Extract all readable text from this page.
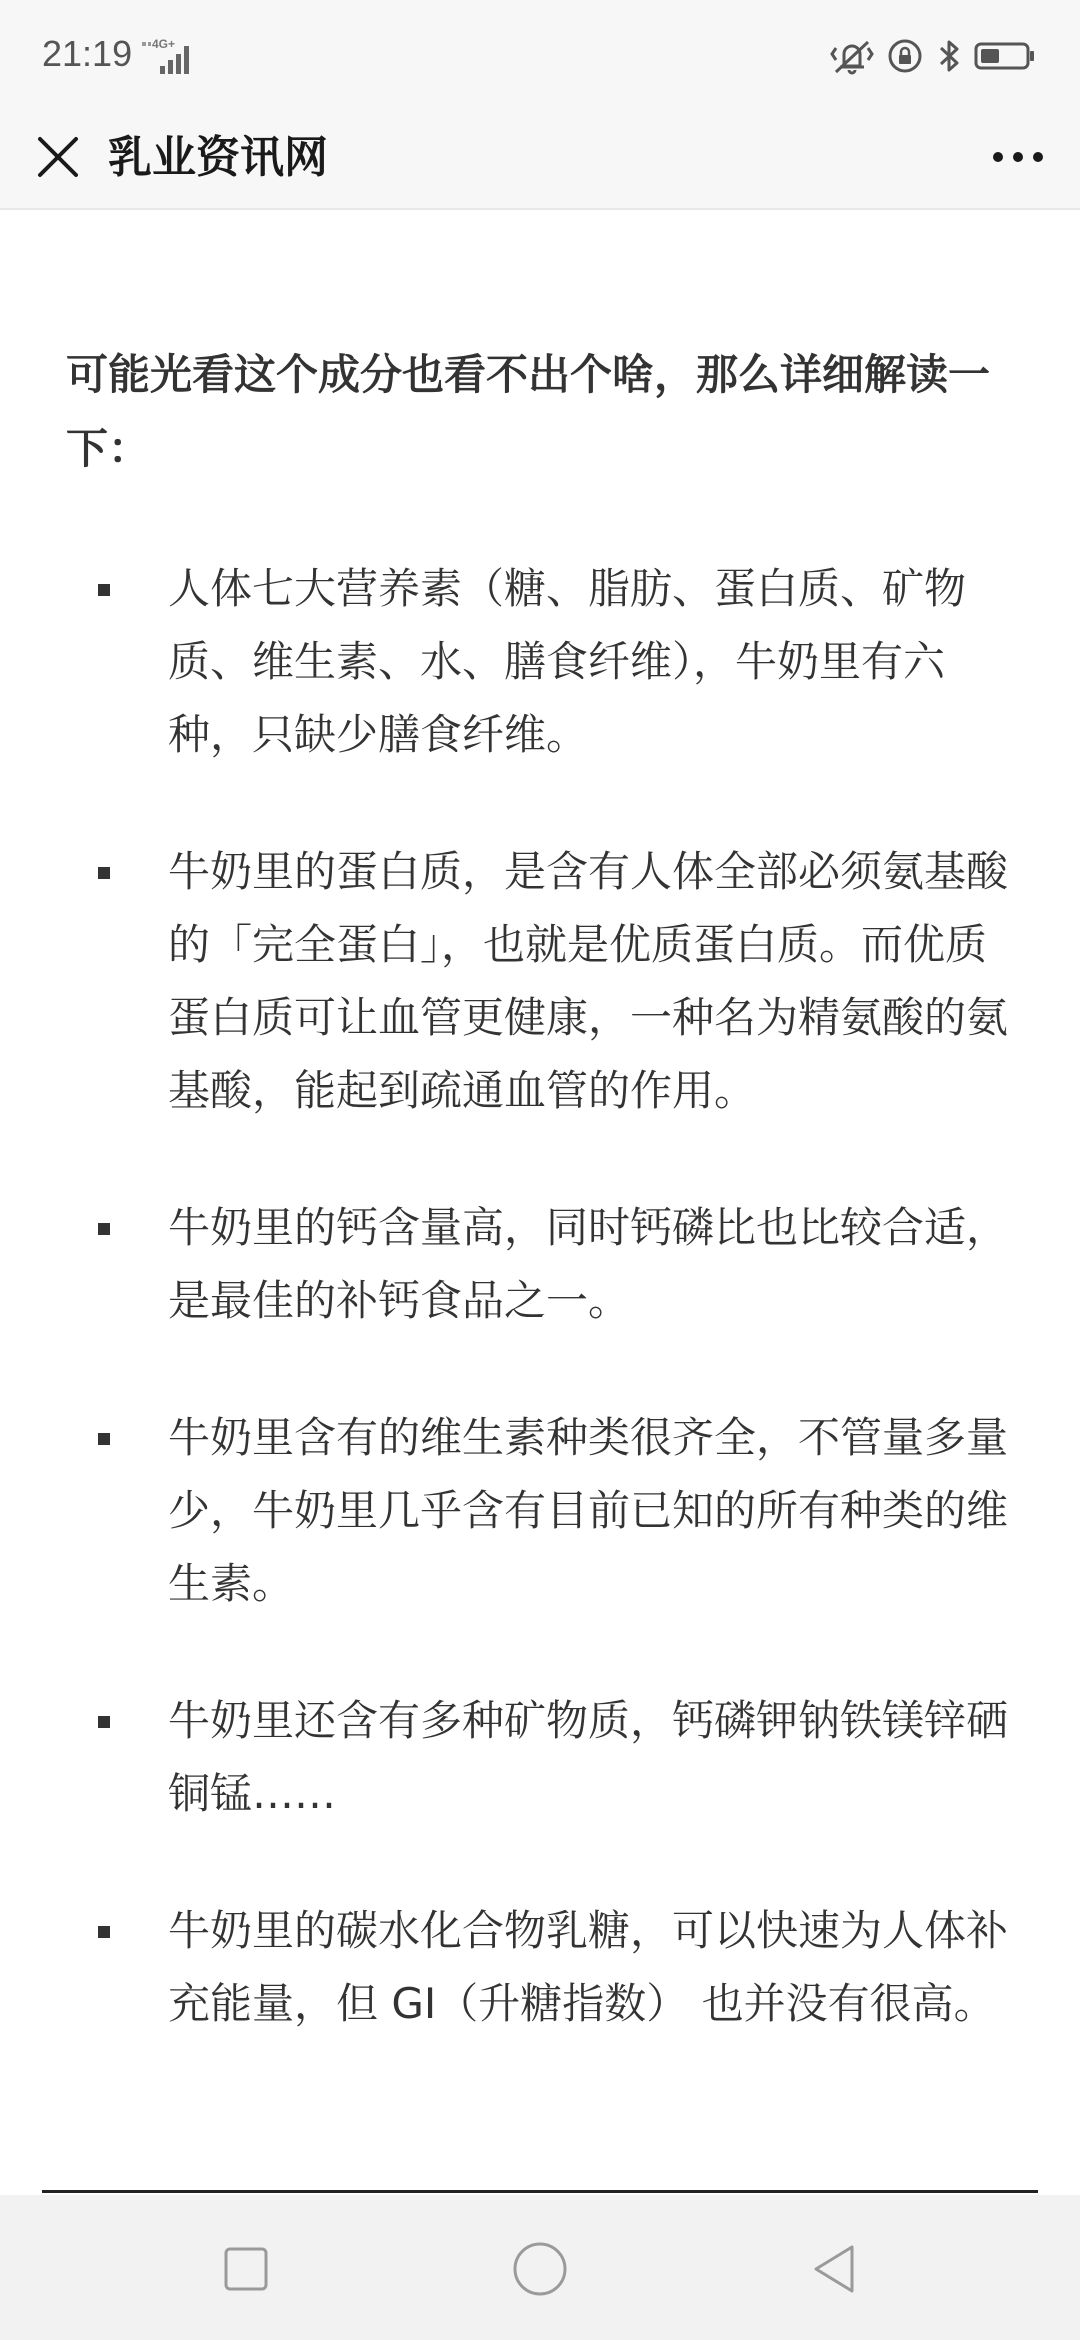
21:19 4G+
乳业资讯网

可能光看这个成分也看不出个啥，那么详细解读一下：

人体七大营养素（糖、脂肪、蛋白质、矿物质、维生素、水、膳食纤维），牛奶里有六种，只缺少膳食纤维。
牛奶里的蛋白质，是含有人体全部必须氨基酸的「完全蛋白」，也就是优质蛋白质。而优质蛋白质可让血管更健康，一种名为精氨酸的氨基酸，能起到疏通血管的作用。
牛奶里的钙含量高，同时钙磷比也比较合适，是最佳的补钙食品之一。
牛奶里含有的维生素种类很齐全，不管量多量少，牛奶里几乎含有目前已知的所有种类的维生素。
牛奶里还含有多种矿物质，钙磷钾钠铁镁锌硒铜锰……
牛奶里的碳水化合物乳糖，可以快速为人体补充能量，但 GI（升糖指数） 也并没有很高。
